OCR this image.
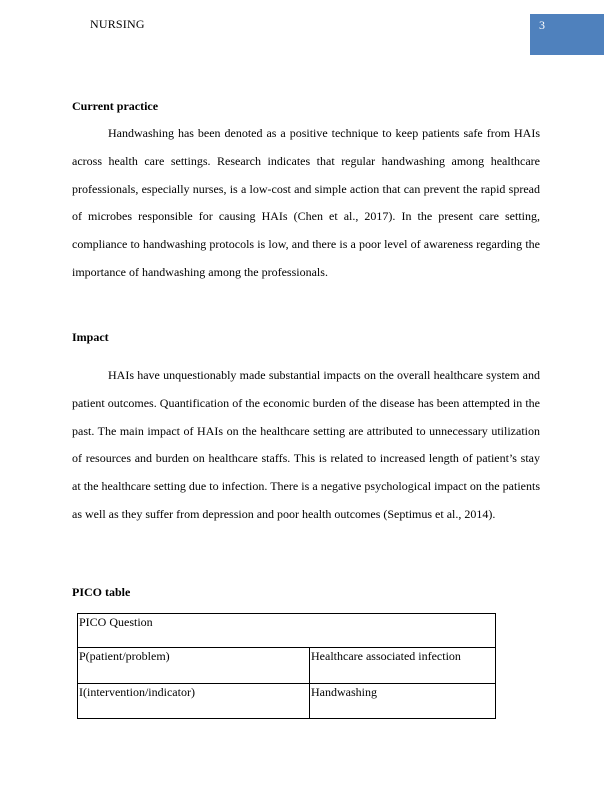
NURSING	3

Current practice

Handwashing has been denoted as a positive technique to keep patients safe from HAIs across health care settings. Research indicates that regular handwashing among healthcare professionals, especially nurses, is a low-cost and simple action that can prevent the rapid spread of microbes responsible for causing HAIs (Chen et al., 2017). In the present care setting, compliance to handwashing protocols is low, and there is a poor level of awareness regarding the importance of handwashing among the professionals.

Impact

HAIs have unquestionably made substantial impacts on the overall healthcare system and patient outcomes. Quantification of the economic burden of the disease has been attempted in the past. The main impact of HAIs on the healthcare setting are attributed to unnecessary utilization of resources and burden on healthcare staffs. This is related to increased length of patient’s stay at the healthcare setting due to infection. There is a negative psychological impact on the patients as well as they suffer from depression and poor health outcomes (Septimus et al., 2014).

PICO table

PICO Question	
P(patient/problem)	Healthcare associated infection
I(intervention/indicator)	Handwashing
